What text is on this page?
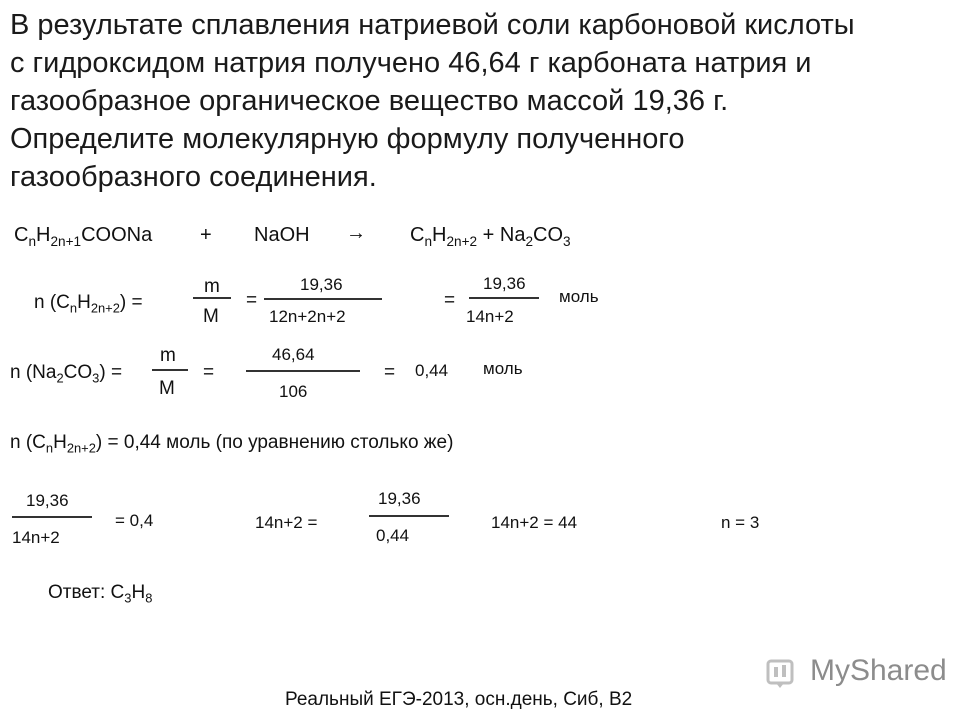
В результате сплавления натриевой соли карбоновой кислоты
с гидроксидом натрия получено 46,64 г карбоната натрия и
газообразное органическое вещество массой 19,36 г.
Определите молекулярную формулу полученного
газообразного соединения.
$C_nH_{2n+1}COONa$ + NaOH → $C_nH_{2n+2} + Na_2CO_3$
n $(C_nH_{2n+2})$ =
m
M
=
19,36
12n+2n+2
=
19,36
14n+2
моль
n $(Na_2CO_3)$ =
m
M
=
46,64
106
= 0,44 моль
n $(C_nH_{2n+2}) = 0,44$ моль (по уравнению столько же)
19,36
14n+2
= 0,4	14n+2 =
19,36
0,44
14n+2 = 44	n = 3
Ответ: $C_3H_8$
MyShared
Реальный ЕГЭ-2013, осн.день, Сиб, В2
